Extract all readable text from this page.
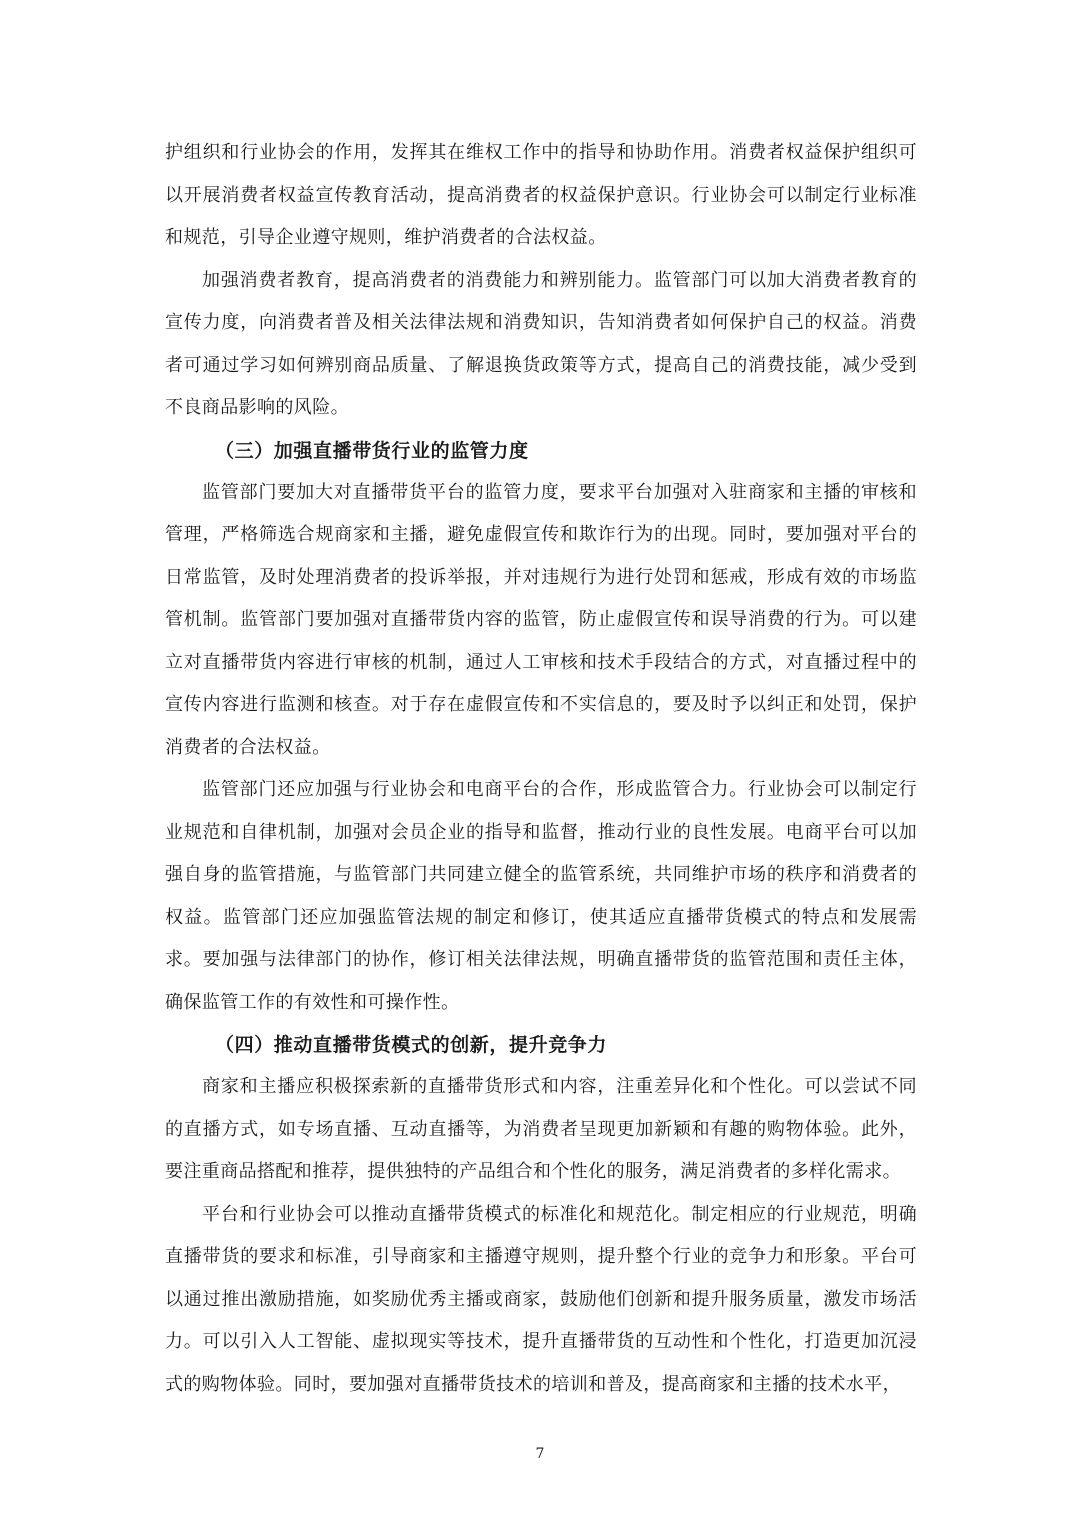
护组织和行业协会的作用，发挥其在维权工作中的指导和协助作用。消费者权益保护组织可以开展消费者权益宣传教育活动，提高消费者的权益保护意识。行业协会可以制定行业标准和规范，引导企业遵守规则，维护消费者的合法权益。

加强消费者教育，提高消费者的消费能力和辨别能力。监管部门可以加大消费者教育的宣传力度，向消费者普及相关法律法规和消费知识，告知消费者如何保护自己的权益。消费者可通过学习如何辨别商品质量、了解退换货政策等方式，提高自己的消费技能，减少受到不良商品影响的风险。

（三）加强直播带货行业的监管力度

监管部门要加大对直播带货平台的监管力度，要求平台加强对入驻商家和主播的审核和管理，严格筛选合规商家和主播，避免虚假宣传和欺诈行为的出现。同时，要加强对平台的日常监管，及时处理消费者的投诉举报，并对违规行为进行处罚和惩戒，形成有效的市场监管机制。监管部门要加强对直播带货内容的监管，防止虚假宣传和误导消费的行为。可以建立对直播带货内容进行审核的机制，通过人工审核和技术手段结合的方式，对直播过程中的宣传内容进行监测和核查。对于存在虚假宣传和不实信息的，要及时予以纠正和处罚，保护消费者的合法权益。

监管部门还应加强与行业协会和电商平台的合作，形成监管合力。行业协会可以制定行业规范和自律机制，加强对会员企业的指导和监督，推动行业的良性发展。电商平台可以加强自身的监管措施，与监管部门共同建立健全的监管系统，共同维护市场的秩序和消费者的权益。监管部门还应加强监管法规的制定和修订，使其适应直播带货模式的特点和发展需求。要加强与法律部门的协作，修订相关法律法规，明确直播带货的监管范围和责任主体，确保监管工作的有效性和可操作性。

（四）推动直播带货模式的创新，提升竞争力

商家和主播应积极探索新的直播带货形式和内容，注重差异化和个性化。可以尝试不同的直播方式，如专场直播、互动直播等，为消费者呈现更加新颖和有趣的购物体验。此外，要注重商品搭配和推荐，提供独特的产品组合和个性化的服务，满足消费者的多样化需求。

平台和行业协会可以推动直播带货模式的标准化和规范化。制定相应的行业规范，明确直播带货的要求和标准，引导商家和主播遵守规则，提升整个行业的竞争力和形象。平台可以通过推出激励措施，如奖励优秀主播或商家，鼓励他们创新和提升服务质量，激发市场活力。可以引入人工智能、虚拟现实等技术，提升直播带货的互动性和个性化，打造更加沉浸式的购物体验。同时，要加强对直播带货技术的培训和普及，提高商家和主播的技术水平，

7
